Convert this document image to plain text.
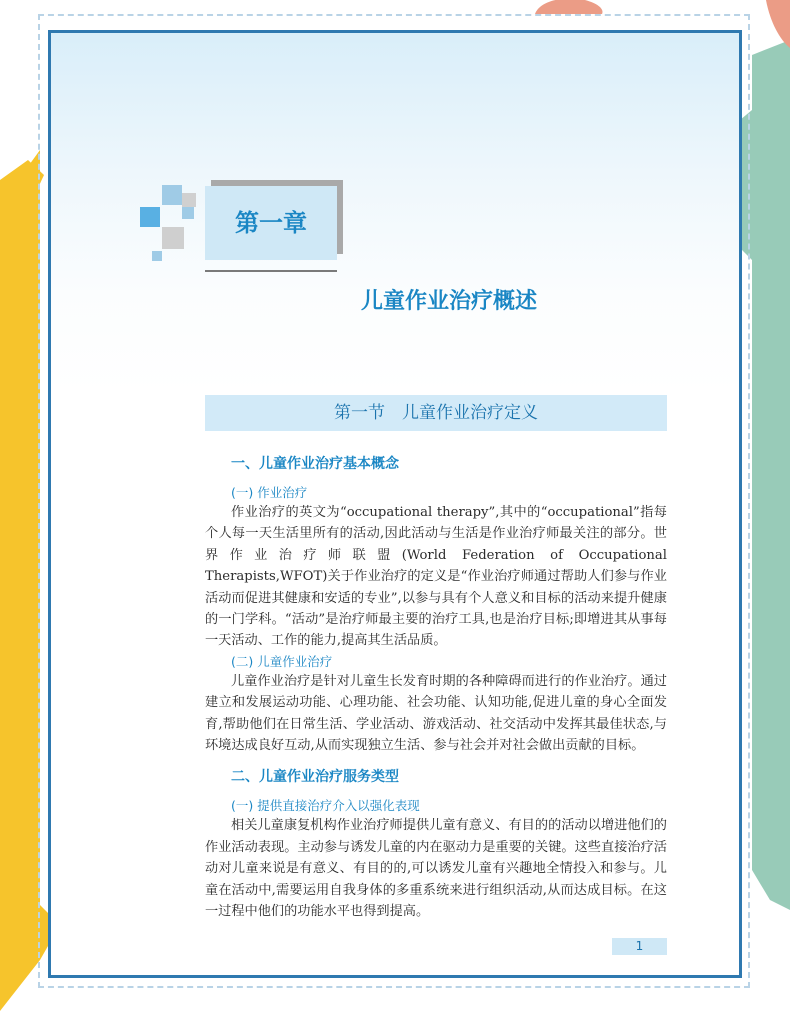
第一章
儿童作业治疗概述
第一节　儿童作业治疗定义

一、儿童作业治疗基本概念

(一) 作业治疗

作业治疗的英文为“occupational therapy”,其中的“occupational”指每个人每一天生活里所有的活动,因此活动与生活是作业治疗师最关注的部分。世界作业治疗师联盟(World Federation of Occupational Therapists,WFOT)关于作业治疗的定义是“作业治疗师通过帮助人们参与作业活动而促进其健康和安适的专业”,以参与具有个人意义和目标的活动来提升健康的一门学科。“活动”是治疗师最主要的治疗工具,也是治疗目标;即增进其从事每一天活动、工作的能力,提高其生活品质。

(二) 儿童作业治疗

儿童作业治疗是针对儿童生长发育时期的各种障碍而进行的作业治疗。通过建立和发展运动功能、心理功能、社会功能、认知功能,促进儿童的身心全面发育,帮助他们在日常生活、学业活动、游戏活动、社交活动中发挥其最佳状态,与环境达成良好互动,从而实现独立生活、参与社会并对社会做出贡献的目标。

二、儿童作业治疗服务类型

(一) 提供直接治疗介入以强化表现

相关儿童康复机构作业治疗师提供儿童有意义、有目的的活动以增进他们的作业活动表现。主动参与诱发儿童的内在驱动力是重要的关键。这些直接治疗活动对儿童来说是有意义、有目的的,可以诱发儿童有兴趣地全情投入和参与。儿童在活动中,需要运用自我身体的多重系统来进行组织活动,从而达成目标。在这一过程中他们的功能水平也得到提高。

1
